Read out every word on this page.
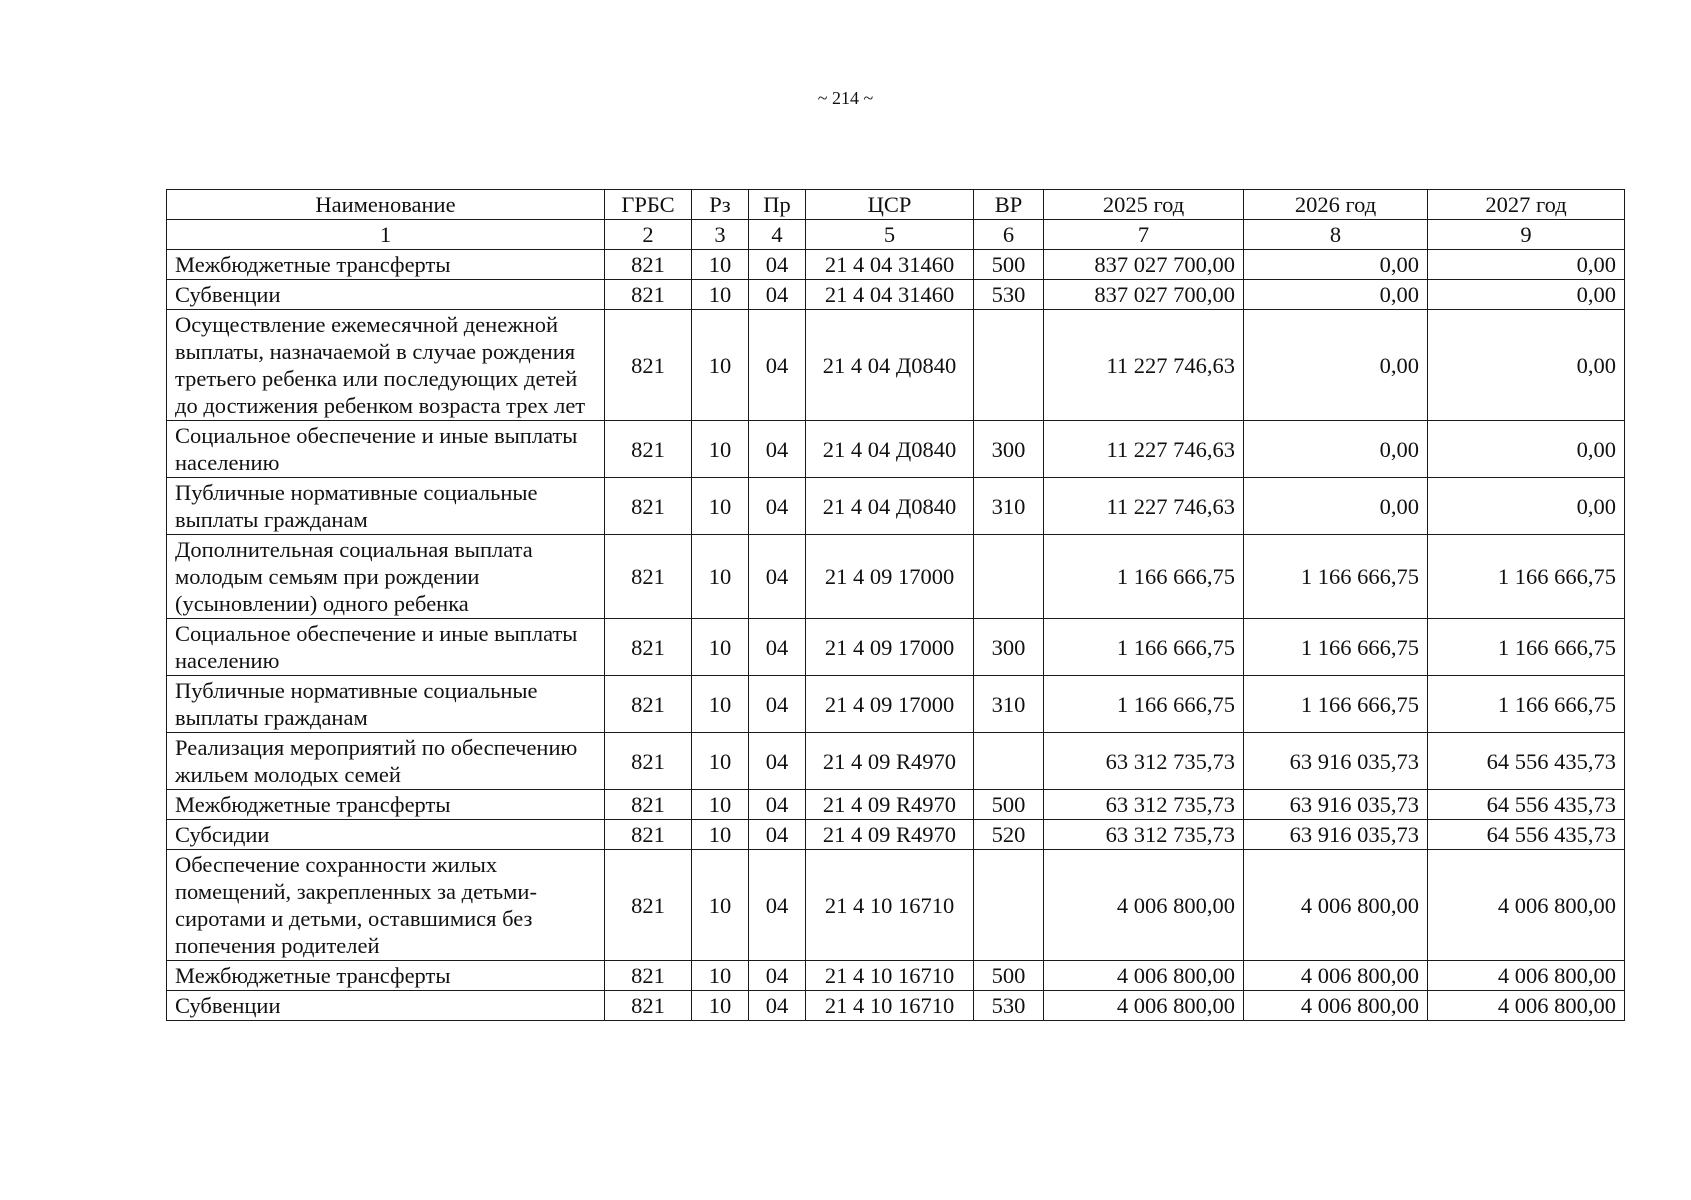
~ 214 ~
Наименование	ГРБС	Рз	Пр	ЦСР	ВР	2025 год	2026 год	2027 год
1	2	3	4	5	6	7	8	9
Межбюджетные трансферты	821	10	04	21 4 04 31460	500	837 027 700,00	0,00	0,00
Субвенции	821	10	04	21 4 04 31460	530	837 027 700,00	0,00	0,00
Осуществление ежемесячной денежной выплаты, назначаемой в случае рождения третьего ребенка или последующих детей до достижения ребенком возраста трех лет	821	10	04	21 4 04 Д0840		11 227 746,63	0,00	0,00
Социальное обеспечение и иные выплаты населению	821	10	04	21 4 04 Д0840	300	11 227 746,63	0,00	0,00
Публичные нормативные социальные выплаты гражданам	821	10	04	21 4 04 Д0840	310	11 227 746,63	0,00	0,00
Дополнительная социальная выплата молодым семьям при рождении (усыновлении) одного ребенка	821	10	04	21 4 09 17000		1 166 666,75	1 166 666,75	1 166 666,75
Социальное обеспечение и иные выплаты населению	821	10	04	21 4 09 17000	300	1 166 666,75	1 166 666,75	1 166 666,75
Публичные нормативные социальные выплаты гражданам	821	10	04	21 4 09 17000	310	1 166 666,75	1 166 666,75	1 166 666,75
Реализация мероприятий по обеспечению жильем молодых семей	821	10	04	21 4 09 R4970		63 312 735,73	63 916 035,73	64 556 435,73
Межбюджетные трансферты	821	10	04	21 4 09 R4970	500	63 312 735,73	63 916 035,73	64 556 435,73
Субсидии	821	10	04	21 4 09 R4970	520	63 312 735,73	63 916 035,73	64 556 435,73
Обеспечение сохранности жилых помещений, закрепленных за детьми-сиротами и детьми, оставшимися без попечения родителей	821	10	04	21 4 10 16710		4 006 800,00	4 006 800,00	4 006 800,00
Межбюджетные трансферты	821	10	04	21 4 10 16710	500	4 006 800,00	4 006 800,00	4 006 800,00
Субвенции	821	10	04	21 4 10 16710	530	4 006 800,00	4 006 800,00	4 006 800,00
